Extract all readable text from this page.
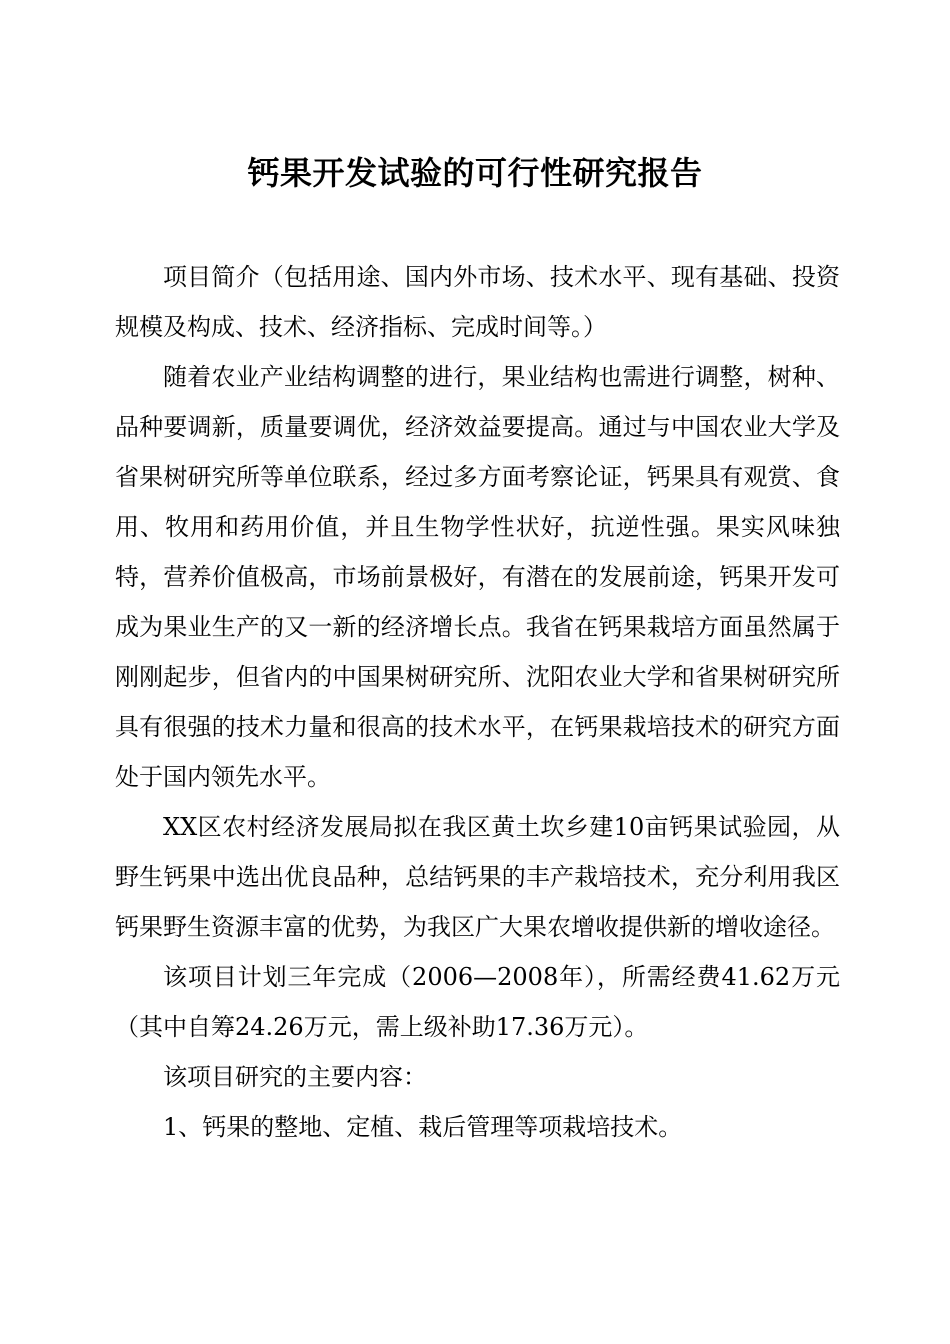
钙果开发试验的可行性研究报告

项目简介（包括用途、国内外市场、技术水平、现有基础、投资规模及构成、技术、经济指标、完成时间等。）

随着农业产业结构调整的进行，果业结构也需进行调整，树种、品种要调新，质量要调优，经济效益要提高。通过与中国农业大学及省果树研究所等单位联系，经过多方面考察论证，钙果具有观赏、食用、牧用和药用价值，并且生物学性状好，抗逆性强。果实风味独特，营养价值极高，市场前景极好，有潜在的发展前途，钙果开发可成为果业生产的又一新的经济增长点。我省在钙果栽培方面虽然属于刚刚起步，但省内的中国果树研究所、沈阳农业大学和省果树研究所具有很强的技术力量和很高的技术水平，在钙果栽培技术的研究方面处于国内领先水平。

XX区农村经济发展局拟在我区黄土坎乡建10亩钙果试验园，从野生钙果中选出优良品种，总结钙果的丰产栽培技术，充分利用我区钙果野生资源丰富的优势，为我区广大果农增收提供新的增收途径。

该项目计划三年完成（2006—2008年），所需经费41.62万元（其中自筹24.26万元，需上级补助17.36万元）。

该项目研究的主要内容：

1、钙果的整地、定植、栽后管理等项栽培技术。
